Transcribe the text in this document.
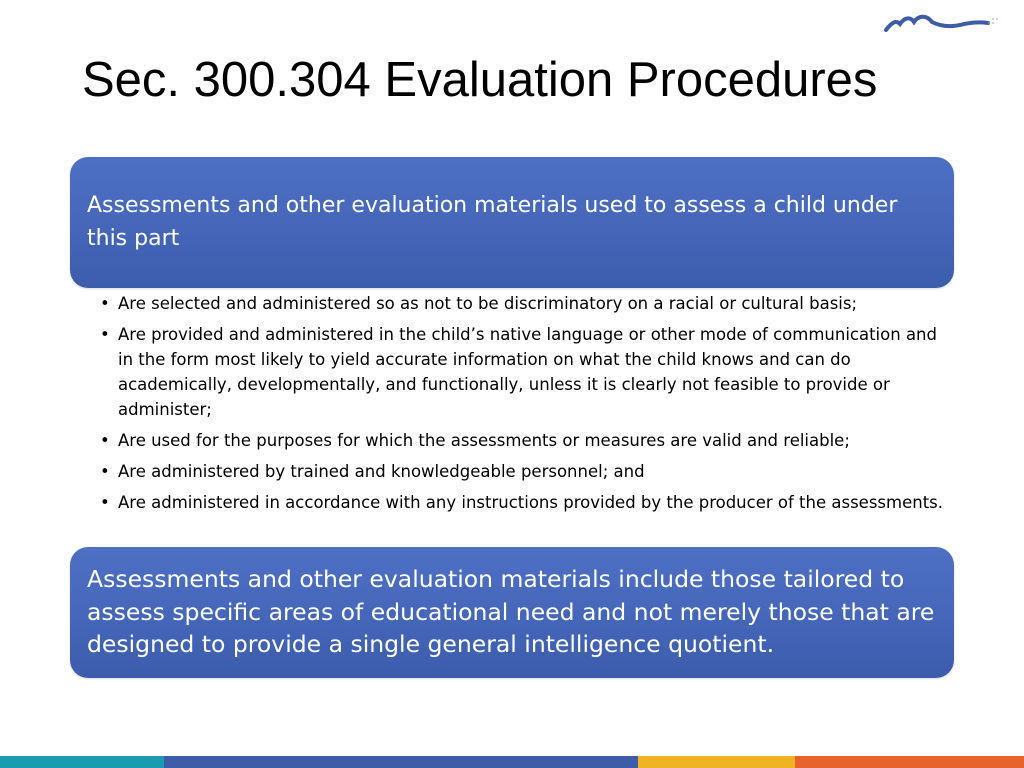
Sec. 300.304 Evaluation Procedures
Assessments and other evaluation materials used to assess a child under this part
• Are selected and administered so as not to be discriminatory on a racial or cultural basis;
• Are provided and administered in the child’s native language or other mode of communication and in the form most likely to yield accurate information on what the child knows and can do academically, developmentally, and functionally, unless it is clearly not feasible to provide or administer;
• Are used for the purposes for which the assessments or measures are valid and reliable;
• Are administered by trained and knowledgeable personnel; and
• Are administered in accordance with any instructions provided by the producer of the assessments.
Assessments and other evaluation materials include those tailored to assess specific areas of educational need and not merely those that are designed to provide a single general intelligence quotient.
